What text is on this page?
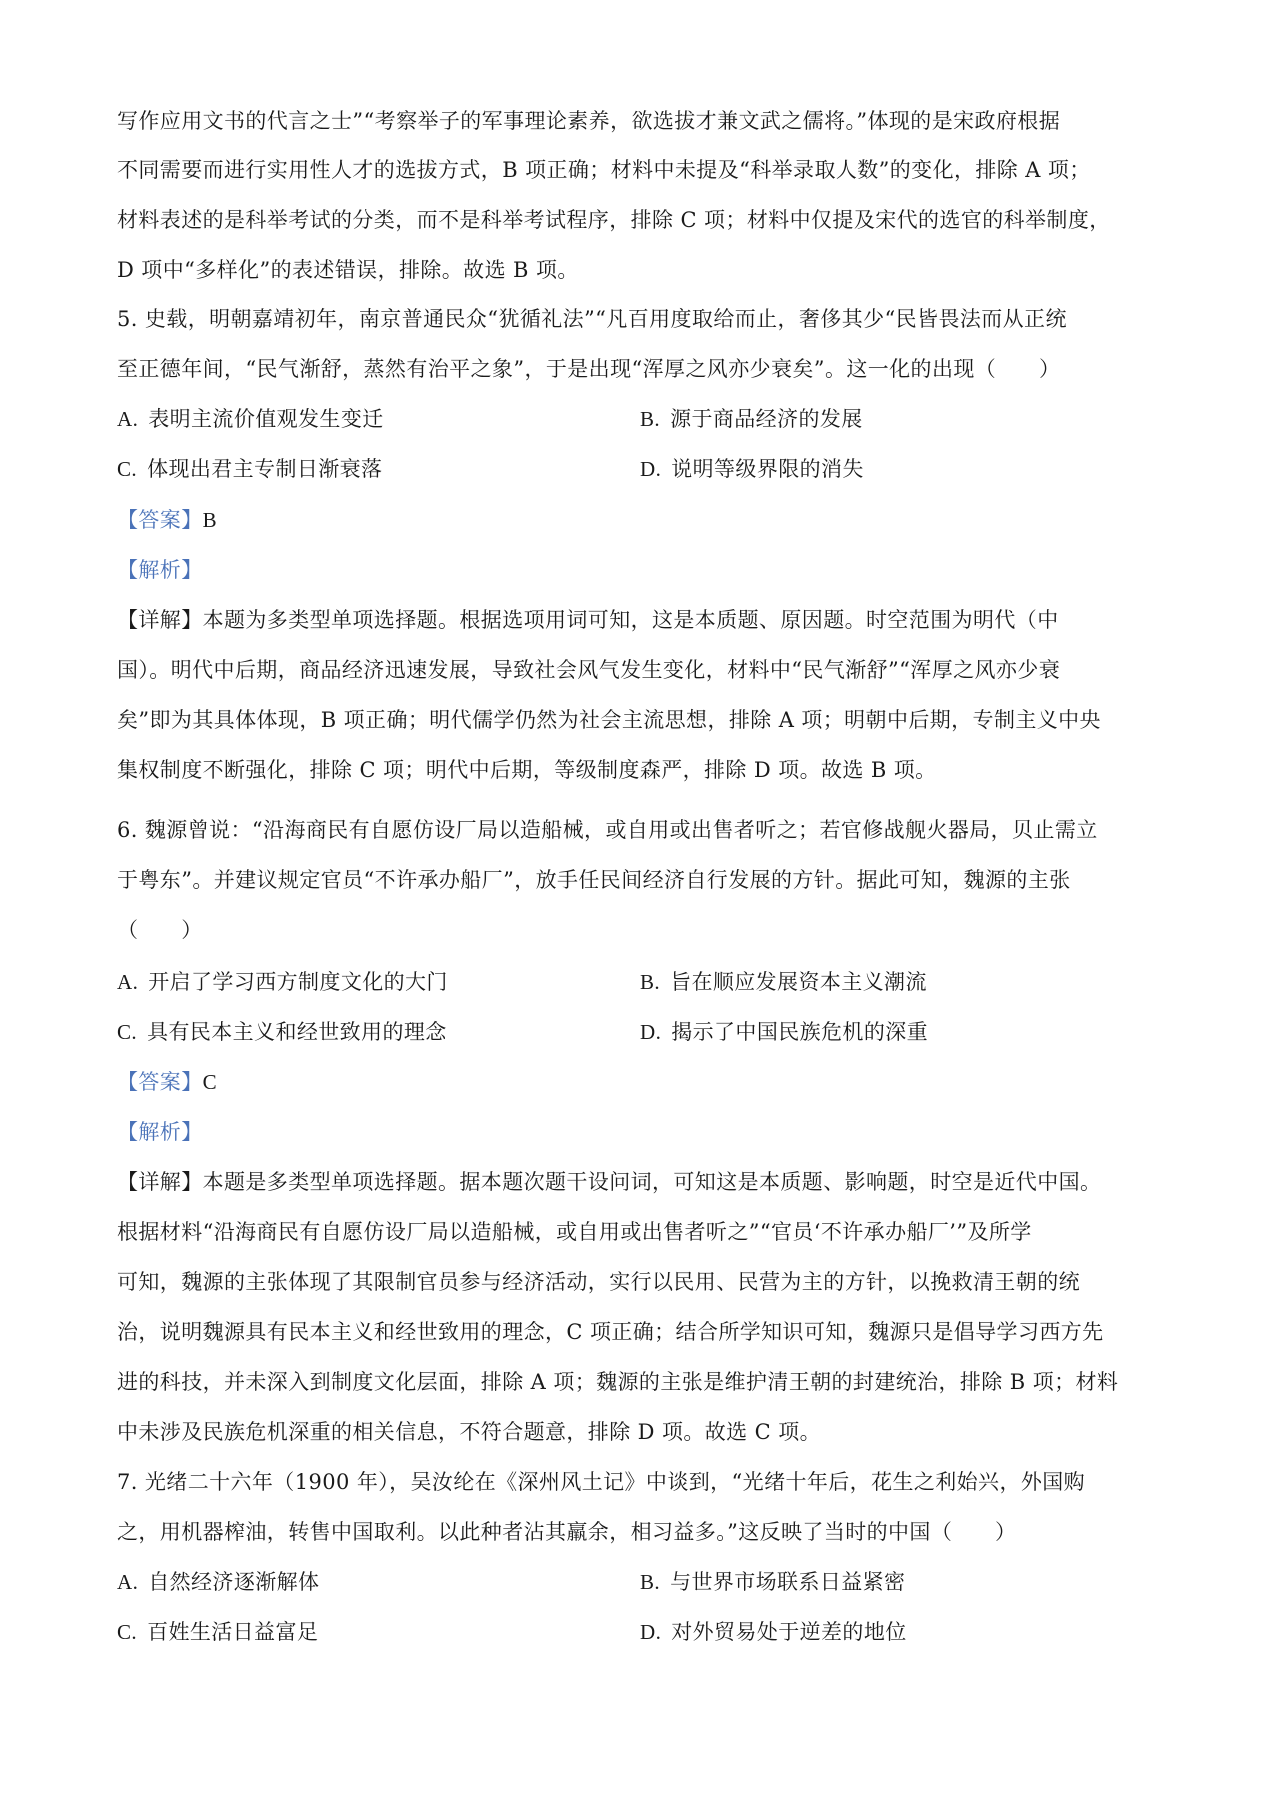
写作应用文书的代言之士”“考察举子的军事理论素养，欲选拔才兼文武之儒将。”体现的是宋政府根据

不同需要而进行实用性人才的选拔方式，B 项正确；材料中未提及“科举录取人数”的变化，排除 A 项；

材料表述的是科举考试的分类，而不是科举考试程序，排除 C 项；材料中仅提及宋代的选官的科举制度，

D 项中“多样化”的表述错误，排除。故选 B 项。

5. 史载，明朝嘉靖初年，南京普通民众“犹循礼法”“凡百用度取给而止，奢侈其少“民皆畏法而从正统

至正德年间，“民气渐舒，蒸然有治平之象”，于是出现“浑厚之风亦少衰矣”。这一化的出现（　　）

A. 表明主流价值观发生变迁	B. 源于商品经济的发展

C. 体现出君主专制日渐衰落	D. 说明等级界限的消失

【答案】B

【解析】

【详解】本题为多类型单项选择题。根据选项用词可知，这是本质题、原因题。时空范围为明代（中

国）。明代中后期，商品经济迅速发展，导致社会风气发生变化，材料中“民气渐舒”“浑厚之风亦少衰

矣”即为其具体体现，B 项正确；明代儒学仍然为社会主流思想，排除 A 项；明朝中后期，专制主义中央

集权制度不断强化，排除 C 项；明代中后期，等级制度森严，排除 D 项。故选 B 项。

6. 魏源曾说：“沿海商民有自愿仿设厂局以造船械，或自用或出售者听之；若官修战舰火器局，贝止需立

于粤东”。并建议规定官员“不许承办船厂”，放手任民间经济自行发展的方针。据此可知，魏源的主张

（　　）

A. 开启了学习西方制度文化的大门	B. 旨在顺应发展资本主义潮流

C. 具有民本主义和经世致用的理念	D. 揭示了中国民族危机的深重

【答案】C

【解析】

【详解】本题是多类型单项选择题。据本题次题干设问词，可知这是本质题、影响题，时空是近代中国。

根据材料“沿海商民有自愿仿设厂局以造船械，或自用或出售者听之”“官员‘不许承办船厂’”及所学

可知，魏源的主张体现了其限制官员参与经济活动，实行以民用、民营为主的方针，以挽救清王朝的统

治，说明魏源具有民本主义和经世致用的理念，C 项正确；结合所学知识可知，魏源只是倡导学习西方先

进的科技，并未深入到制度文化层面，排除 A 项；魏源的主张是维护清王朝的封建统治，排除 B 项；材料

中未涉及民族危机深重的相关信息，不符合题意，排除 D 项。故选 C 项。

7. 光绪二十六年（1900 年），吴汝纶在《深州风土记》中谈到，“光绪十年后，花生之利始兴，外国购

之，用机器榨油，转售中国取利。以此种者沾其羸余，相习益多。”这反映了当时的中国（　　）

A. 自然经济逐渐解体	B. 与世界市场联系日益紧密

C. 百姓生活日益富足	D. 对外贸易处于逆差的地位
